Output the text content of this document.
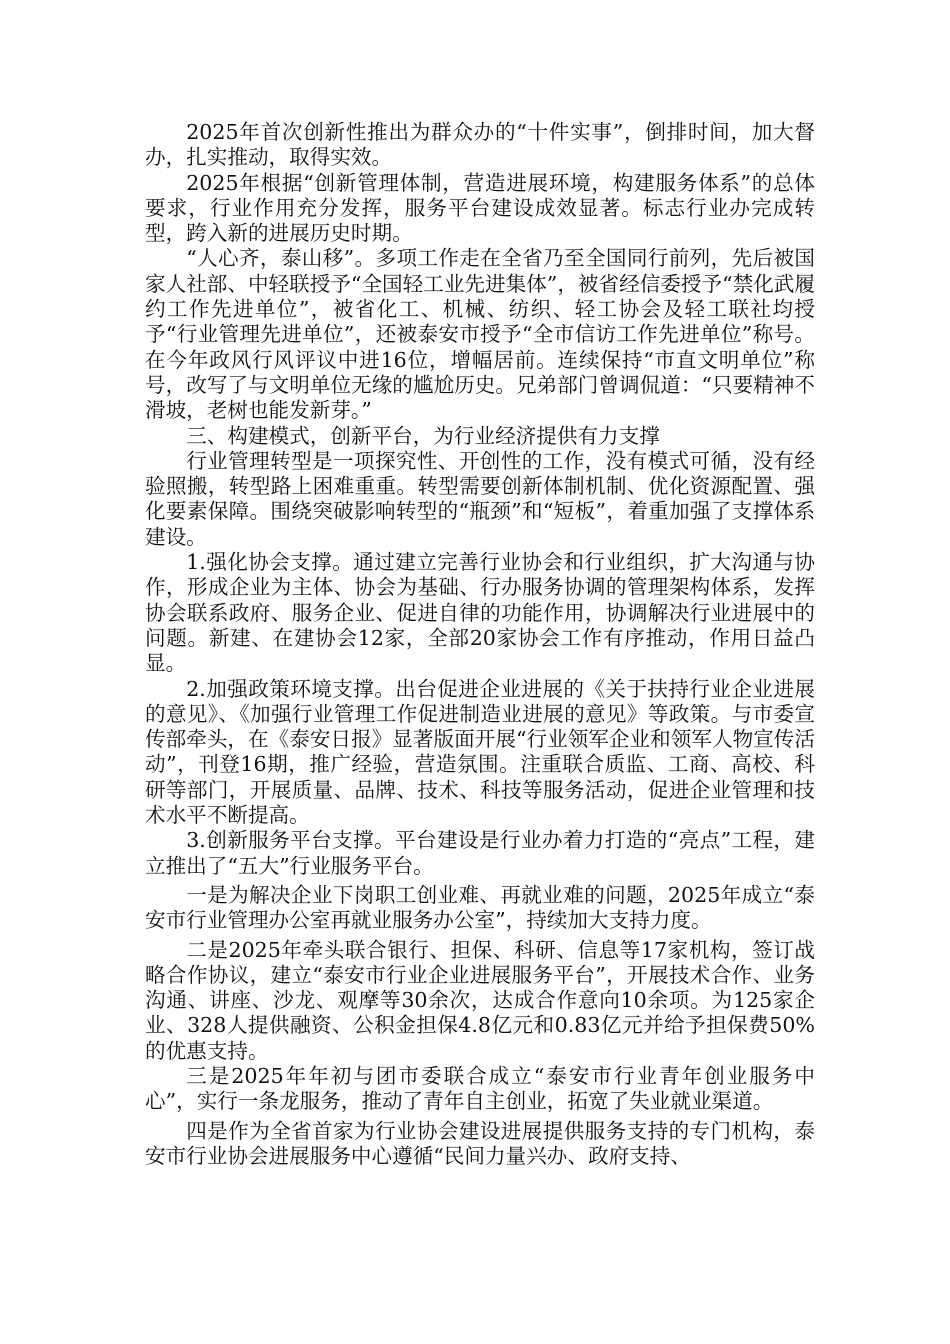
2025年首次创新性推出为群众办的“十件实事”，倒排时间，加大督办，扎实推动，取得实效。

2025年根据“创新管理体制，营造进展环境，构建服务体系”的总体要求，行业作用充分发挥，服务平台建设成效显著。标志行业办完成转型，跨入新的进展历史时期。

“人心齐，泰山移”。多项工作走在全省乃至全国同行前列，先后被国家人社部、中轻联授予“全国轻工业先进集体”，被省经信委授予“禁化武履约工作先进单位”，被省化工、机械、纺织、轻工协会及轻工联社均授予“行业管理先进单位”，还被泰安市授予“全市信访工作先进单位”称号。在今年政风行风评议中进16位，增幅居前。连续保持“市直文明单位”称号，改写了与文明单位无缘的尴尬历史。兄弟部门曾调侃道：“只要精神不滑坡，老树也能发新芽。”

三、构建模式，创新平台，为行业经济提供有力支撑

行业管理转型是一项探究性、开创性的工作，没有模式可循，没有经验照搬，转型路上困难重重。转型需要创新体制机制、优化资源配置、强化要素保障。围绕突破影响转型的“瓶颈”和“短板”，着重加强了支撑体系建设。

1.强化协会支撑。通过建立完善行业协会和行业组织，扩大沟通与协作，形成企业为主体、协会为基础、行办服务协调的管理架构体系，发挥协会联系政府、服务企业、促进自律的功能作用，协调解决行业进展中的问题。新建、在建协会12家，全部20家协会工作有序推动，作用日益凸显。

2.加强政策环境支撑。出台促进企业进展的《关于扶持行业企业进展的意见》、《加强行业管理工作促进制造业进展的意见》等政策。与市委宣传部牵头，在《泰安日报》显著版面开展“行业领军企业和领军人物宣传活动”，刊登16期，推广经验，营造氛围。注重联合质监、工商、高校、科研等部门，开展质量、品牌、技术、科技等服务活动，促进企业管理和技术水平不断提高。

3.创新服务平台支撑。平台建设是行业办着力打造的“亮点”工程，建立推出了“五大”行业服务平台。

一是为解决企业下岗职工创业难、再就业难的问题，2025年成立“泰安市行业管理办公室再就业服务办公室”，持续加大支持力度。

二是2025年牵头联合银行、担保、科研、信息等17家机构，签订战略合作协议，建立“泰安市行业企业进展服务平台”，开展技术合作、业务沟通、讲座、沙龙、观摩等30余次，达成合作意向10余项。为125家企业、328人提供融资、公积金担保4.8亿元和0.83亿元并给予担保费50%的优惠支持。

三是2025年年初与团市委联合成立“泰安市行业青年创业服务中心”，实行一条龙服务，推动了青年自主创业，拓宽了失业就业渠道。

四是作为全省首家为行业协会建设进展提供服务支持的专门机构，泰安市行业协会进展服务中心遵循“民间力量兴办、政府支持、
